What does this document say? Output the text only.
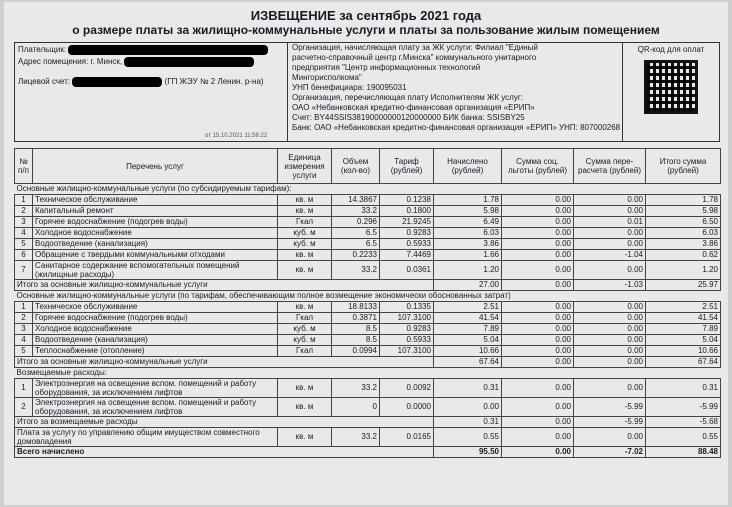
ИЗВЕЩЕНИЕ за сентябрь 2021 года
о размере платы за жилищно-коммунальные услуги и платы за пользование жилым помещением
Плательщик:
Адрес помещения: г. Минск,
Лицевой счет:	(ГП ЖЭУ № 2 Ленин. р-на)
Организация, начисляющая плату за ЖК услуги: Филиал "Единый
расчетно-справочный центр г.Минска" коммунального унитарного
предприятия "Центр информационных технологий
Мингорисполкома"
УНП бенефициара: 190095031
Организация, перечисляющая плату Исполнителям ЖК услуг:
ОАО «Небанковская кредитно-финансовая организация «ЕРИП»
Счет: BY44SSIS38190000000120000000 БИК банка: SSISBY25
Банк: ОАО «Небанковская кредитно-финансовая организация «ЕРИП» УНП: 807000268
QR-код для оплат
от 15.10.2021 11:56:22
№ п/п	Перечень услуг	Единица измерения услуги	Объем (кол-во)	Тариф (рублей)	Начислено (рублей)	Сумма соц. льготы (рублей)	Сумма пере-расчета (рублей)	Итого сумма (рублей)
Основные жилищно-коммунальные услуги (по субсидируемым тарифам):								
1	Техническое обслуживание	кв. м	14.3867	0.1238	1.78	0.00	0.00	1.78
2	Капитальный ремонт	кв. м	33.2	0.1800	5.98	0.00	0.00	5.98
3	Горячее водоснабжение (подогрев воды)	Гкал	0.296	21.9245	6.49	0.00	0.01	6.50
4	Холодное водоснабжение	куб. м	6.5	0.9283	6.03	0.00	0.00	6.03
5	Водоотведение (канализация)	куб. м	6.5	0.5933	3.86	0.00	0.00	3.86
6	Обращение с твердыми коммунальными отходами	кв. м	0.2233	7.4469	1.66	0.00	-1.04	0.62
7	Санитарное содержание вспомогательных помещений (жилищные расходы)	кв. м	33.2	0.0361	1.20	0.00	0.00	1.20
Итого за основные жилищно-коммунальные услуги					27.00	0.00	-1.03	25.97
Основные жилищно-коммунальные услуги (по тарифам, обеспечивающим полное возмещение экономически обоснованных затрат)								
1	Техническое обслуживание	кв. м	18.8133	0.1335	2.51	0.00	0.00	2.51
2	Горячее водоснабжение (подогрев воды)	Гкал	0.3871	107.3100	41.54	0.00	0.00	41.54
3	Холодное водоснабжение	куб. м	8.5	0.9283	7.89	0.00	0.00	7.89
4	Водоотведение (канализация)	куб. м	8.5	0.5933	5.04	0.00	0.00	5.04
5	Теплоснабжение (отопление)	Гкал	0.0994	107.3100	10.66	0.00	0.00	10.66
Итого за основные жилищно-коммунальные услуги					67.64	0.00	0.00	67.64
Возмещаемые расходы:								
1	Электроэнергия на освещение вспом. помещений и работу оборудования, за исключением лифтов	кв. м	33.2	0.0092	0.31	0.00	0.00	0.31
2	Электроэнергия на освещение вспом. помещений и работу оборудования, за исключением лифтов	кв. м	0	0.0000	0.00	0.00	-5.99	-5.99
Итого за возмещаемые расходы					0.31	0.00	-5.99	-5.68
Плата за услугу по управлению общим имуществом совместного домовладения		кв. м	33.2	0.0165	0.55	0.00	0.00	0.55
Всего начислено					95.50	0.00	-7.02	88.48
